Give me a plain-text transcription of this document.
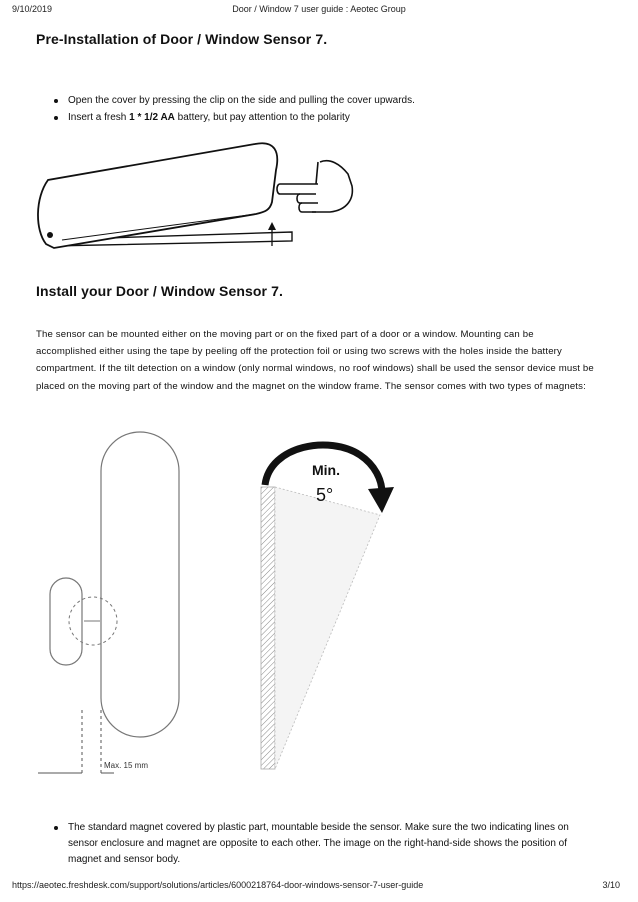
9/10/2019	Door / Window 7 user guide : Aeotec Group
Pre-Installation of Door / Window Sensor 7.
Open the cover by pressing the clip on the side and pulling the cover upwards.
Insert a fresh 1 * 1/2 AA battery, but pay attention to the polarity
Install your Door / Window Sensor 7.

The sensor can be mounted either on the moving part or on the fixed part of a door or a window. Mounting can be accomplished either using the tape by peeling off the protection foil or using two screws with the holes inside the battery compartment. If the tilt detection on a window (only normal windows, no roof windows) shall be used the sensor device must be placed on the moving part of the window and the magnet on the window frame. The sensor comes with two types of magnets:

Max. 15 mm
Min.
5°
The standard magnet covered by plastic part, mountable beside the sensor. Make sure the two indicating lines on sensor enclosure and magnet are opposite to each other. The image on the right-hand-side shows the position of magnet and sensor body.
https://aeotec.freshdesk.com/support/solutions/articles/6000218764-door-windows-sensor-7-user-guide	3/10
